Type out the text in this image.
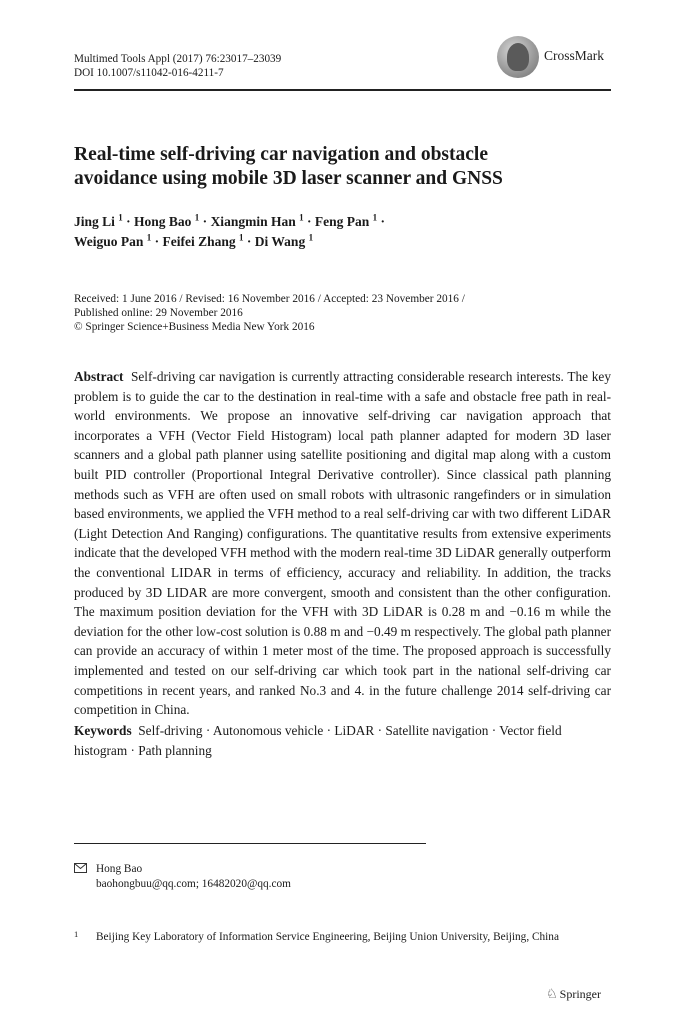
Multimed Tools Appl (2017) 76:23017–23039
DOI 10.1007/s11042-016-4211-7
CrossMark
Real-time self-driving car navigation and obstacle
avoidance using mobile 3D laser scanner and GNSS
Jing Li $^1$ · Hong Bao $^1$ · Xiangmin Han $^1$ · Feng Pan $^1$ ·
Weiguo Pan $^1$ · Feifei Zhang $^1$ · Di Wang $^1$
Received: 1 June 2016 / Revised: 16 November 2016 / Accepted: 23 November 2016 /
Published online: 29 November 2016
© Springer Science+Business Media New York 2016
Abstract Self-driving car navigation is currently attracting considerable research interests. The key problem is to guide the car to the destination in real-time with a safe and obstacle free path in real-world environments. We propose an innovative self-driving car navigation approach that incorporates a VFH (Vector Field Histogram) local path planner adapted for modern 3D laser scanners and a global path planner using satellite positioning and digital map along with a custom built PID controller (Proportional Integral Derivative controller). Since classical path planning methods such as VFH are often used on small robots with ultrasonic rangefinders or in simulation based environments, we applied the VFH method to a real self-driving car with two different LiDAR (Light Detection And Ranging) configurations. The quantitative results from extensive experiments indicate that the developed VFH method with the modern real-time 3D LiDAR generally outperform the conventional LIDAR in terms of efficiency, accuracy and reliability. In addition, the tracks produced by 3D LIDAR are more convergent, smooth and consistent than the other configuration. The maximum position deviation for the VFH with 3D LiDAR is 0.28 m and −0.16 m while the deviation for the other low-cost solution is 0.88 m and −0.49 m respectively. The global path planner can provide an accuracy of within 1 meter most of the time. The proposed approach is successfully implemented and tested on our self-driving car which took part in the national self-driving car competitions in recent years, and ranked No.3 and 4. in the future challenge 2014 self-driving car competition in China.
Keywords Self-driving · Autonomous vehicle · LiDAR · Satellite navigation · Vector field histogram · Path planning
Hong Bao
baohongbuu@qq.com; 16482020@qq.com
1 Beijing Key Laboratory of Information Service Engineering, Beijing Union University, Beijing, China
♘ Springer
